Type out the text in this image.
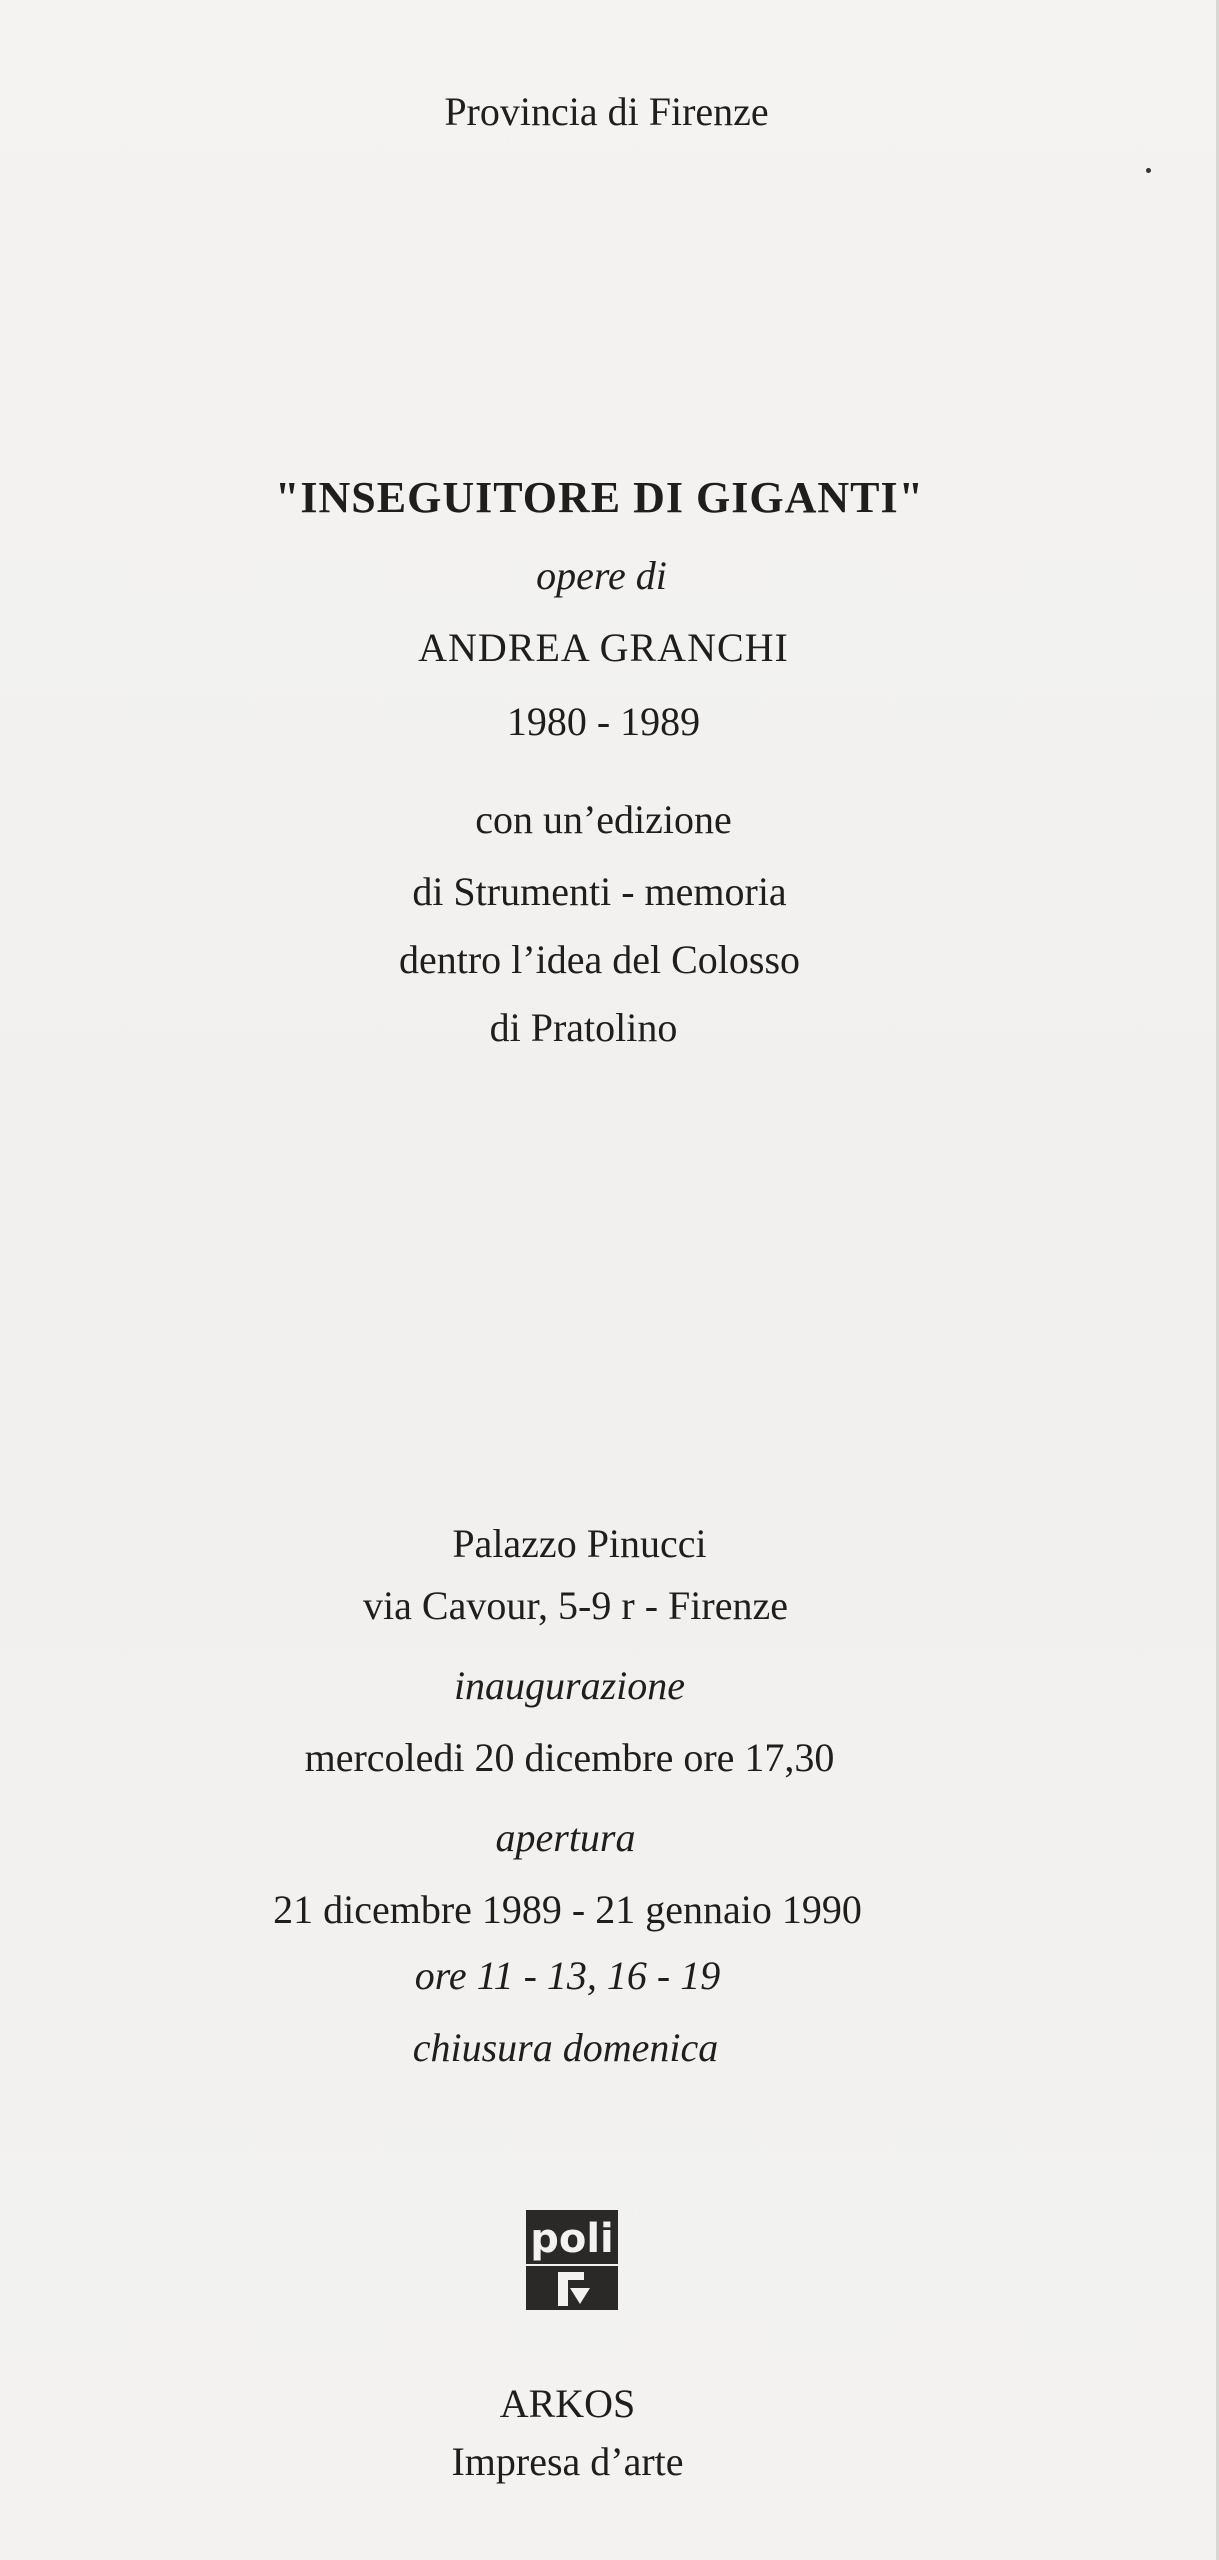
Provincia di Firenze
"INSEGUITORE DI GIGANTI"
opere di
ANDREA GRANCHI
1980 - 1989
con un’edizione
di Strumenti - memoria
dentro l’idea del Colosso
di Pratolino
Palazzo Pinucci
via Cavour, 5-9 r - Firenze
inaugurazione
mercoledi 20 dicembre ore 17,30
apertura
21 dicembre 1989 - 21 gennaio 1990
ore 11 - 13, 16 - 19
chiusura domenica
poli
ARKOS
Impresa d’arte
